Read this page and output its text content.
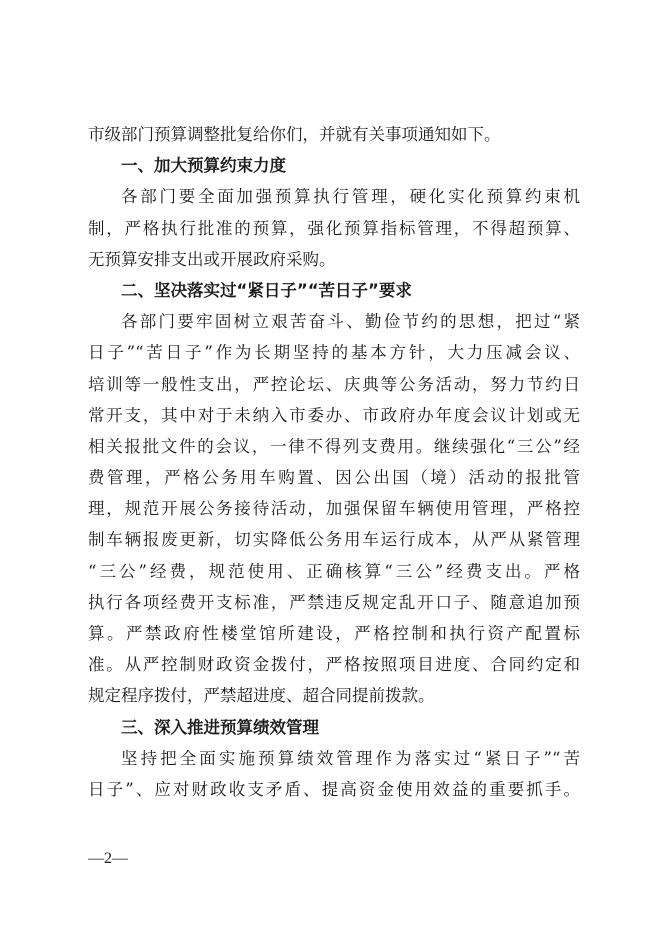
市级部门预算调整批复给你们，并就有关事项通知如下。
一、加大预算约束力度
各部门要全面加强预算执行管理，硬化实化预算约束机
制，严格执行批准的预算，强化预算指标管理，不得超预算、
无预算安排支出或开展政府采购。
二、坚决落实过“紧日子”“苦日子”要求
各部门要牢固树立艰苦奋斗、勤俭节约的思想，把过“紧
日子”“苦日子”作为长期坚持的基本方针，大力压减会议、
培训等一般性支出，严控论坛、庆典等公务活动，努力节约日
常开支，其中对于未纳入市委办、市政府办年度会议计划或无
相关报批文件的会议，一律不得列支费用。继续强化“三公”经
费管理，严格公务用车购置、因公出国（境）活动的报批管
理，规范开展公务接待活动，加强保留车辆使用管理，严格控
制车辆报废更新，切实降低公务用车运行成本，从严从紧管理
“三公”经费，规范使用、正确核算“三公”经费支出。严格
执行各项经费开支标准，严禁违反规定乱开口子、随意追加预
算。严禁政府性楼堂馆所建设，严格控制和执行资产配置标
准。从严控制财政资金拨付，严格按照项目进度、合同约定和
规定程序拨付，严禁超进度、超合同提前拨款。
三、深入推进预算绩效管理
坚持把全面实施预算绩效管理作为落实过“紧日子”“苦
日子”、应对财政收支矛盾、提高资金使用效益的重要抓手。
—2—
